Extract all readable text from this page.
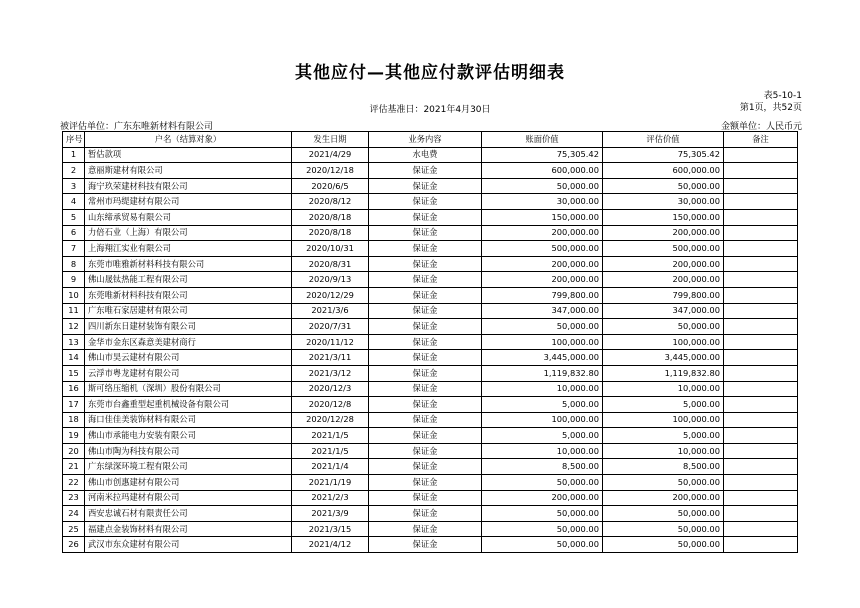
其他应付—其他应付款评估明细表
表5-10-1
第1页，共52页
评估基准日：2021年4月30日
被评估单位：广东东唯新材料有限公司	金额单位：人民币元
序号	户名（结算对象）	发生日期	业务内容	账面价值	评估价值	备注
1	暂估款项	2021/4/29	水电费	75,305.42	75,305.42	
2	意丽斯建材有限公司	2020/12/18	保证金	600,000.00	600,000.00	
3	海宁玖荣建材科技有限公司	2020/6/5	保证金	50,000.00	50,000.00	
4	常州市玛缇建材有限公司	2020/8/12	保证金	30,000.00	30,000.00	
5	山东缔承贸易有限公司	2020/8/18	保证金	150,000.00	150,000.00	
6	力倍石业（上海）有限公司	2020/8/18	保证金	200,000.00	200,000.00	
7	上海翔江实业有限公司	2020/10/31	保证金	500,000.00	500,000.00	
8	东莞市唯雅新材料科技有限公司	2020/8/31	保证金	200,000.00	200,000.00	
9	佛山晟钛热能工程有限公司	2020/9/13	保证金	200,000.00	200,000.00	
10	东莞唯新材料科技有限公司	2020/12/29	保证金	799,800.00	799,800.00	
11	广东唯石家居建材有限公司	2021/3/6	保证金	347,000.00	347,000.00	
12	四川新东日建材装饰有限公司	2020/7/31	保证金	50,000.00	50,000.00	
13	金华市金东区森意美建材商行	2020/11/12	保证金	100,000.00	100,000.00	
14	佛山市昊云建材有限公司	2021/3/11	保证金	3,445,000.00	3,445,000.00	
15	云浮市粤龙建材有限公司	2021/3/12	保证金	1,119,832.80	1,119,832.80	
16	斯可络压缩机（深圳）股份有限公司	2020/12/3	保证金	10,000.00	10,000.00	
17	东莞市台鑫重型起重机械设备有限公司	2020/12/8	保证金	5,000.00	5,000.00	
18	海口佳佳美装饰材料有限公司	2020/12/28	保证金	100,000.00	100,000.00	
19	佛山市承能电力安装有限公司	2021/1/5	保证金	5,000.00	5,000.00	
20	佛山市陶为科技有限公司	2021/1/5	保证金	10,000.00	10,000.00	
21	广东绿深环境工程有限公司	2021/1/4	保证金	8,500.00	8,500.00	
22	佛山市创惠建材有限公司	2021/1/19	保证金	50,000.00	50,000.00	
23	河南米拉玛建材有限公司	2021/2/3	保证金	200,000.00	200,000.00	
24	西安忠诚石材有限责任公司	2021/3/9	保证金	50,000.00	50,000.00	
25	福建点金装饰材料有限公司	2021/3/15	保证金	50,000.00	50,000.00	
26	武汉市东众建材有限公司	2021/4/12	保证金	50,000.00	50,000.00	
